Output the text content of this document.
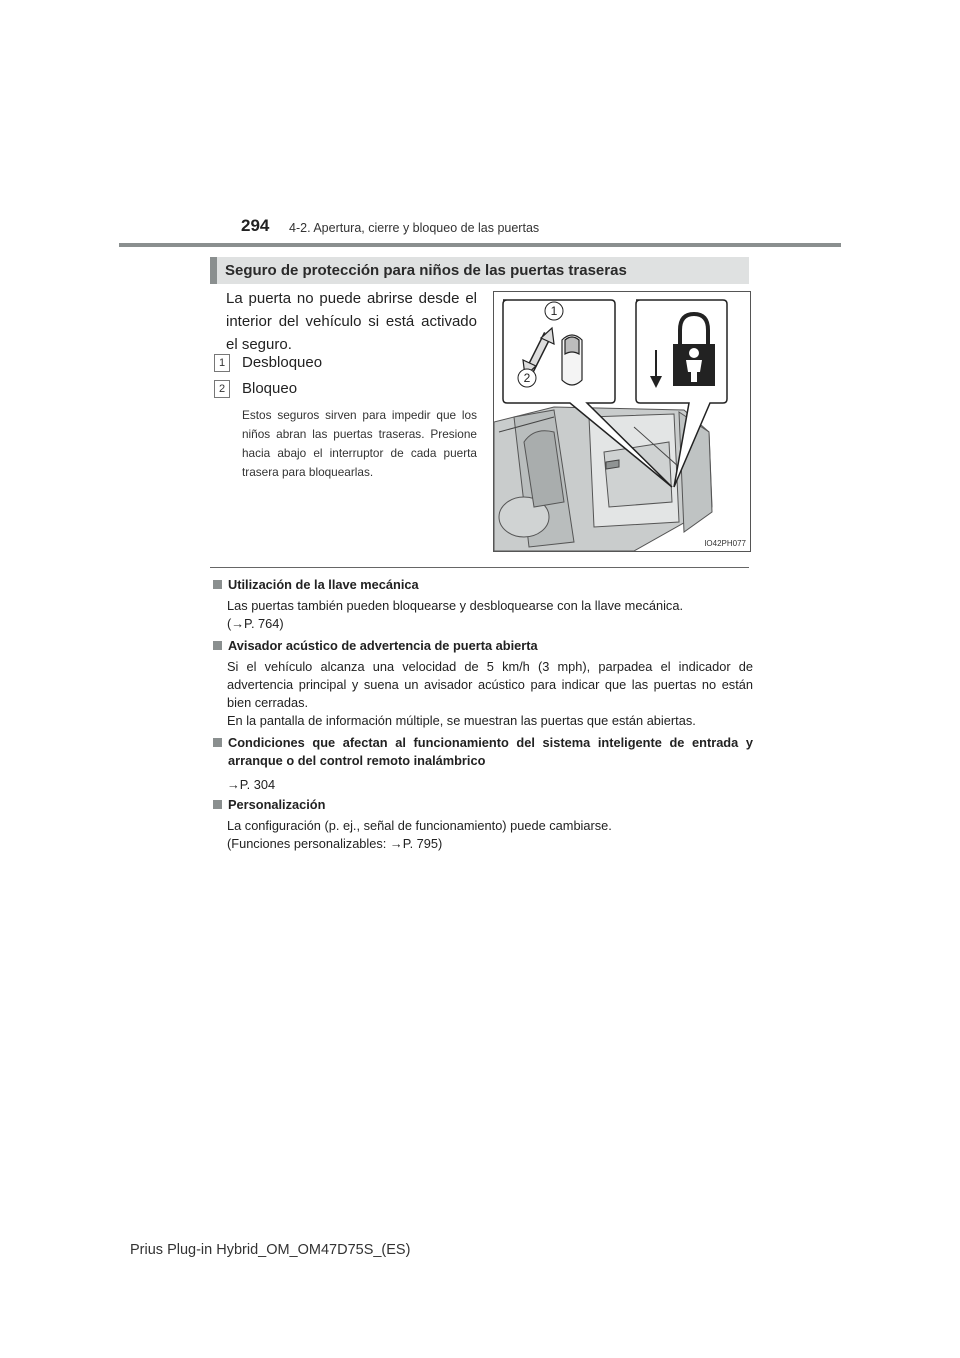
294 4-2. Apertura, cierre y bloqueo de las puertas
Seguro de protección para niños de las puertas traseras
La puerta no puede abrirse desde el interior del vehículo si está activado el seguro.
1 Desbloqueo
2 Bloqueo
Estos seguros sirven para impedir que los niños abran las puertas traseras. Presione hacia abajo el interruptor de cada puerta trasera para bloquearlas.
1
2
IO42PH077
Utilización de la llave mecánica
Las puertas también pueden bloquearse y desbloquearse con la llave mecánica.
(→P. 764)
Avisador acústico de advertencia de puerta abierta
Si el vehículo alcanza una velocidad de 5 km/h (3 mph), parpadea el indicador de advertencia principal y suena un avisador acústico para indicar que las puertas no están bien cerradas.
En la pantalla de información múltiple, se muestran las puertas que están abiertas.
Condiciones que afectan al funcionamiento del sistema inteligente de entrada y arranque o del control remoto inalámbrico
→P. 304
Personalización
La configuración (p. ej., señal de funcionamiento) puede cambiarse.
(Funciones personalizables: →P. 795)
Prius Plug-in Hybrid_OM_OM47D75S_(ES)
